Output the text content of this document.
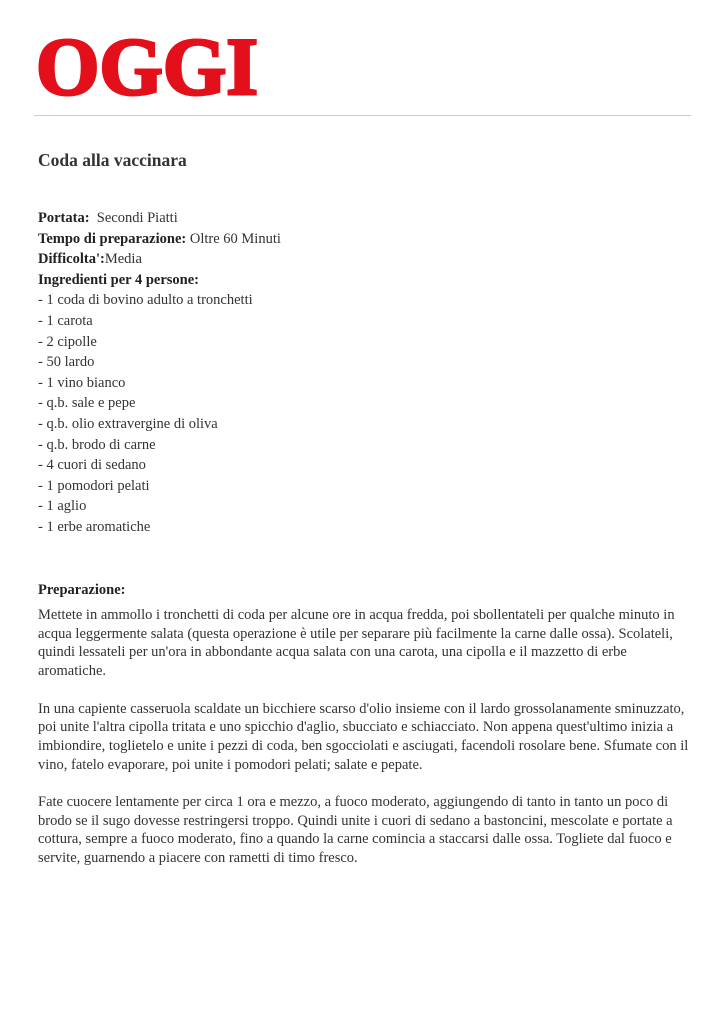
OGGI
Coda alla vaccinara
Portata: Secondi Piatti
Tempo di preparazione: Oltre 60 Minuti
Difficolta':Media
Ingredienti per 4 persone:
- 1 coda di bovino adulto a tronchetti
- 1 carota
- 2 cipolle
- 50 lardo
- 1 vino bianco
- q.b. sale e pepe
- q.b. olio extravergine di oliva
- q.b. brodo di carne
- 4 cuori di sedano
- 1 pomodori pelati
- 1 aglio
- 1 erbe aromatiche
Preparazione:

Mettete in ammollo i tronchetti di coda per alcune ore in acqua fredda, poi sbollentateli per qualche minuto in acqua leggermente salata (questa operazione è utile per separare più facilmente la carne dalle ossa). Scolateli, quindi lessateli per un'ora in abbondante acqua salata con una carota, una cipolla e il mazzetto di erbe aromatiche.

In una capiente casseruola scaldate un bicchiere scarso d'olio insieme con il lardo grossolanamente sminuzzato, poi unite l'altra cipolla tritata e uno spicchio d'aglio, sbucciato e schiacciato. Non appena quest'ultimo inizia a imbiondire, toglietelo e unite i pezzi di coda, ben sgocciolati e asciugati, facendoli rosolare bene. Sfumate con il vino, fatelo evaporare, poi unite i pomodori pelati; salate e pepate.

Fate cuocere lentamente per circa 1 ora e mezzo, a fuoco moderato, aggiungendo di tanto in tanto un poco di brodo se il sugo dovesse restringersi troppo. Quindi unite i cuori di sedano a bastoncini, mescolate e portate a cottura, sempre a fuoco moderato, fino a quando la carne comincia a staccarsi dalle ossa. Togliete dal fuoco e servite, guarnendo a piacere con rametti di timo fresco.
